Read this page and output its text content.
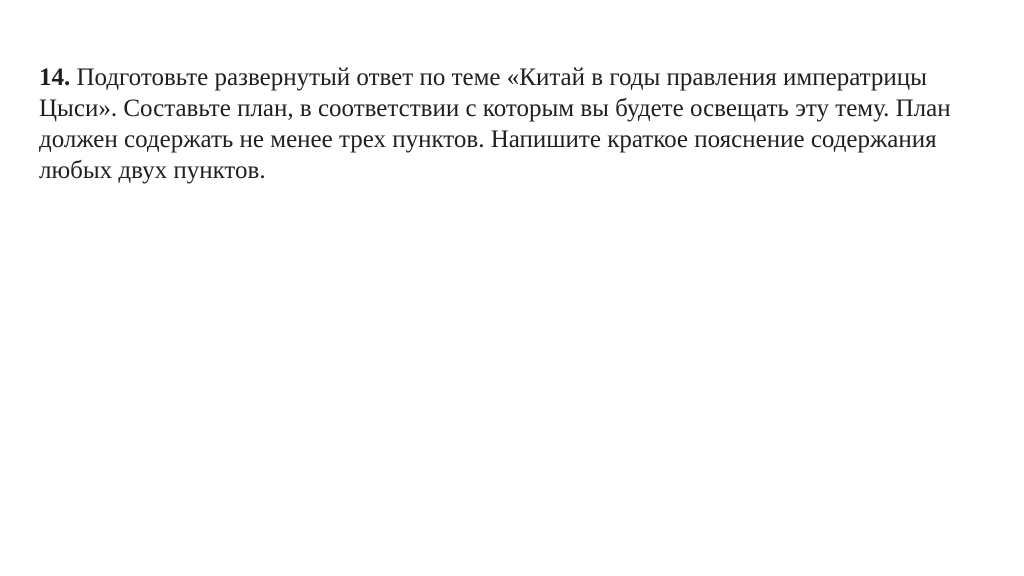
14. Подготовьте развернутый ответ по теме «Китай в годы правления императрицы Цыси». Составьте план, в соответствии с которым вы будете освещать эту тему. План должен содержать не менее трех пунктов. Напишите краткое пояснение содержания любых двух пунктов.
